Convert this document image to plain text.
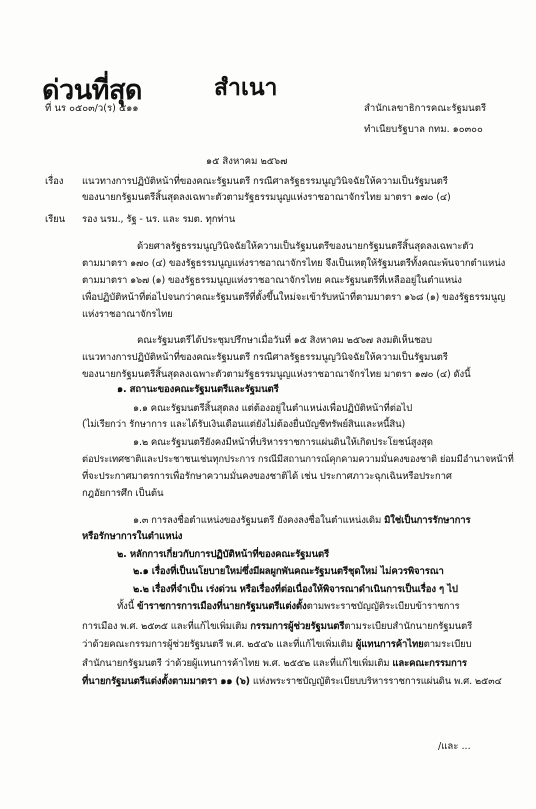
ด่วนที่สุด	สำเนา
ที่ นร ๐๕๐๓/ว(ร) ๕๑๑	สำนักเลขาธิการคณะรัฐมนตรี
ทำเนียบรัฐบาล กทม. ๑๐๓๐๐
๑๕ สิงหาคม ๒๕๖๗
เรื่อง แนวทางการปฏิบัติหน้าที่ของคณะรัฐมนตรี กรณีศาลรัฐธรรมนูญวินิจฉัยให้ความเป็นรัฐมนตรี
ของนายกรัฐมนตรีสิ้นสุดลงเฉพาะตัวตามรัฐธรรมนูญแห่งราชอาณาจักรไทย มาตรา ๑๗๐ (๔)
เรียน รอง นรม., รัฐ - นร. และ รมต. ทุกท่าน
ด้วยศาลรัฐธรรมนูญวินิจฉัยให้ความเป็นรัฐมนตรีของนายกรัฐมนตรีสิ้นสุดลงเฉพาะตัว
ตามมาตรา ๑๗๐ (๔) ของรัฐธรรมนูญแห่งราชอาณาจักรไทย จึงเป็นเหตุให้รัฐมนตรีทั้งคณะพ้นจากตำแหน่ง
ตามมาตรา ๑๖๗ (๑) ของรัฐธรรมนูญแห่งราชอาณาจักรไทย คณะรัฐมนตรีที่เหลืออยู่ในตำแหน่ง
เพื่อปฏิบัติหน้าที่ต่อไปจนกว่าคณะรัฐมนตรีที่ตั้งขึ้นใหม่จะเข้ารับหน้าที่ตามมาตรา ๑๖๘ (๑) ของรัฐธรรมนูญ
แห่งราชอาณาจักรไทย
คณะรัฐมนตรีได้ประชุมปรึกษาเมื่อวันที่ ๑๕ สิงหาคม ๒๕๖๗ ลงมติเห็นชอบ
แนวทางการปฏิบัติหน้าที่ของคณะรัฐมนตรี กรณีศาลรัฐธรรมนูญวินิจฉัยให้ความเป็นรัฐมนตรี
ของนายกรัฐมนตรีสิ้นสุดลงเฉพาะตัวตามรัฐธรรมนูญแห่งราชอาณาจักรไทย มาตรา ๑๗๐ (๔) ดังนี้
๑. สถานะของคณะรัฐมนตรีและรัฐมนตรี
๑.๑ คณะรัฐมนตรีสิ้นสุดลง แต่ต้องอยู่ในตำแหน่งเพื่อปฏิบัติหน้าที่ต่อไป
(ไม่เรียกว่า รักษาการ และได้รับเงินเดือนแต่ยังไม่ต้องยื่นบัญชีทรัพย์สินและหนี้สิน)
๑.๒ คณะรัฐมนตรียังคงมีหน้าที่บริหารราชการแผ่นดินให้เกิดประโยชน์สูงสุด
ต่อประเทศชาติและประชาชนเช่นทุกประการ กรณีมีสถานการณ์คุกคามความมั่นคงของชาติ ย่อมมีอำนาจหน้าที่
ที่จะประกาศมาตรการเพื่อรักษาความมั่นคงของชาติได้ เช่น ประกาศภาวะฉุกเฉินหรือประกาศ
กฎอัยการศึก เป็นต้น
๑.๓ การลงชื่อตำแหน่งของรัฐมนตรี ยังคงลงชื่อในตำแหน่งเดิม มิใช่เป็นการรักษาการ
หรือรักษาการในตำแหน่ง
๒. หลักการเกี่ยวกับการปฏิบัติหน้าที่ของคณะรัฐมนตรี
๒.๑ เรื่องที่เป็นนโยบายใหม่ซึ่งมีผลผูกพันคณะรัฐมนตรีชุดใหม่ ไม่ควรพิจารณา
๒.๒ เรื่องที่จำเป็น เร่งด่วน หรือเรื่องที่ต่อเนื่องให้พิจารณาดำเนินการเป็นเรื่อง ๆ ไป
ทั้งนี้ ข้าราชการการเมืองที่นายกรัฐมนตรีแต่งตั้งตามพระราชบัญญัติระเบียบข้าราชการ
การเมือง พ.ศ. ๒๕๓๕ และที่แก้ไขเพิ่มเติม กรรมการผู้ช่วยรัฐมนตรีตามระเบียบสำนักนายกรัฐมนตรี
ว่าด้วยคณะกรรมการผู้ช่วยรัฐมนตรี พ.ศ. ๒๕๔๖ และที่แก้ไขเพิ่มเติม ผู้แทนการค้าไทยตามระเบียบ
สำนักนายกรัฐมนตรี ว่าด้วยผู้แทนการค้าไทย พ.ศ. ๒๕๕๒ และที่แก้ไขเพิ่มเติม และคณะกรรมการ
ที่นายกรัฐมนตรีแต่งตั้งตามมาตรา ๑๑ (๖) แห่งพระราชบัญญัติระเบียบบริหารราชการแผ่นดิน พ.ศ. ๒๕๓๔
/และ ...
